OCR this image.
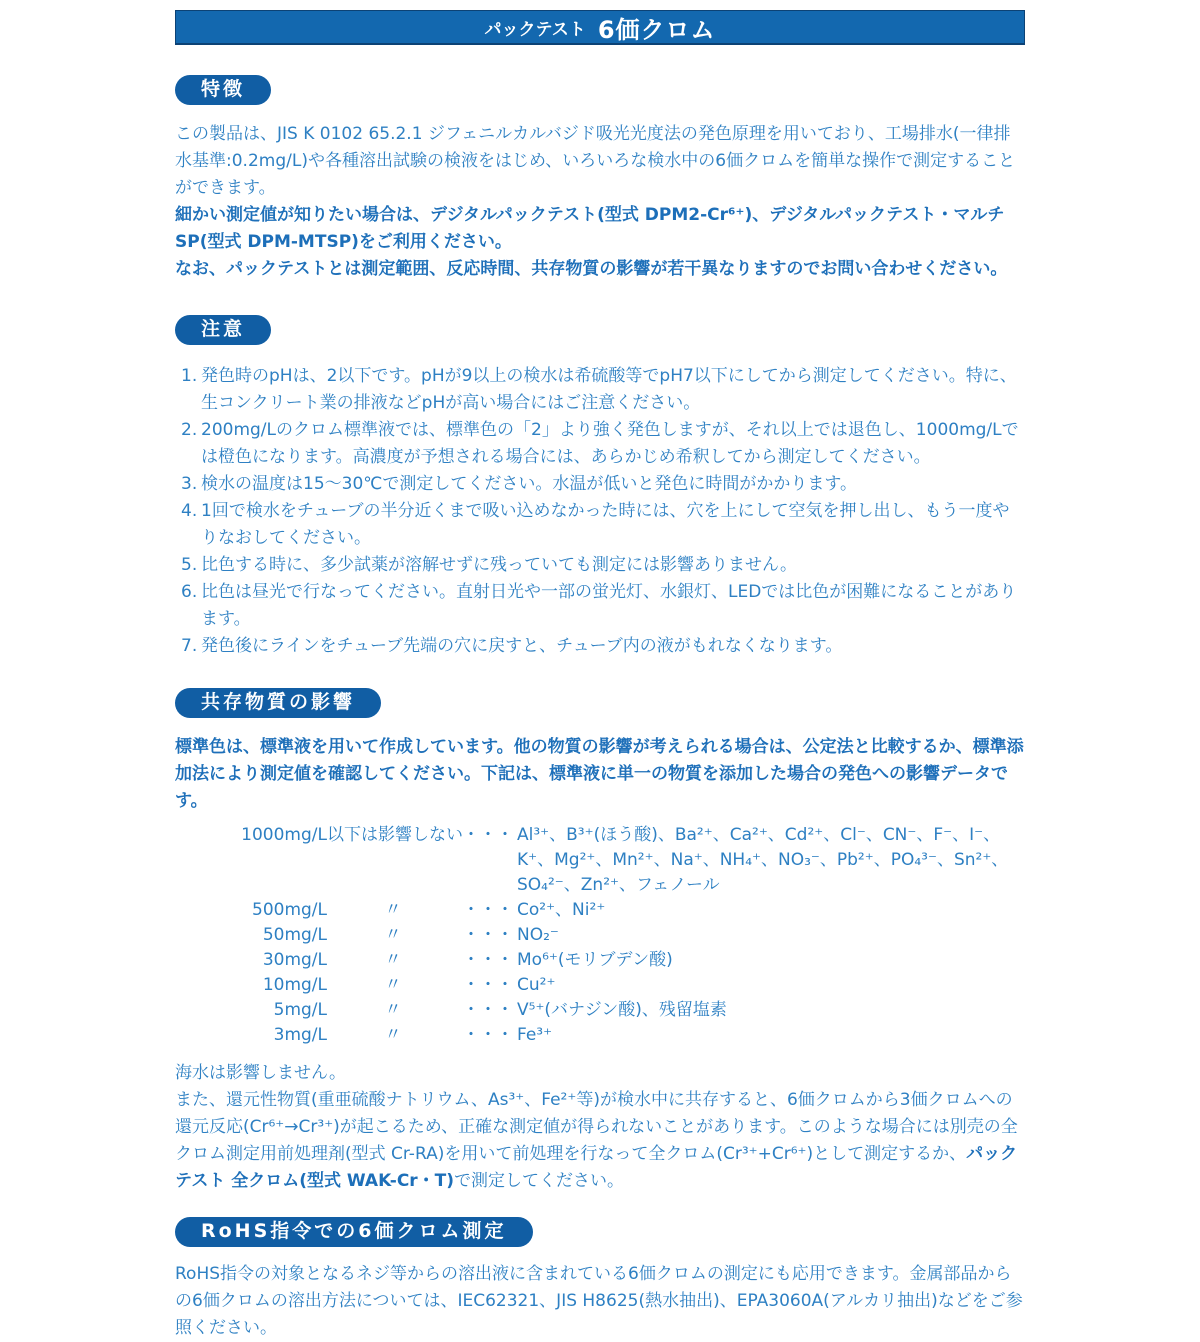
パックテスト 6価クロム
特徴

この製品は、JIS K 0102 65.2.1 ジフェニルカルバジド吸光光度法の発色原理を用いており、工場排水(一律排水基準:0.2mg/L)や各種溶出試験の検液をはじめ、いろいろな検水中の6価クロムを簡単な操作で測定することができます。

細かい測定値が知りたい場合は、デジタルパックテスト(型式 DPM2-Cr⁶⁺)、デジタルパックテスト・マルチSP(型式 DPM-MTSP)をご利用ください。

なお、パックテストとは測定範囲、反応時間、共存物質の影響が若干異なりますのでお問い合わせください。

注意
1. 発色時のpHは、2以下です。pHが9以上の検水は希硫酸等でpH7以下にしてから測定してください。特に、生コンクリート業の排液などpHが高い場合にはご注意ください。
2. 200mg/Lのクロム標準液では、標準色の「2」より強く発色しますが、それ以上では退色し、1000mg/Lでは橙色になります。高濃度が予想される場合には、あらかじめ希釈してから測定してください。
3. 検水の温度は15〜30℃で測定してください。水温が低いと発色に時間がかかります。
4. 1回で検水をチューブの半分近くまで吸い込めなかった時には、穴を上にして空気を押し出し、もう一度やりなおしてください。
5. 比色する時に、多少試薬が溶解せずに残っていても測定には影響ありません。
6. 比色は昼光で行なってください。直射日光や一部の蛍光灯、水銀灯、LEDでは比色が困難になることがあります。
7. 発色後にラインをチューブ先端の穴に戻すと、チューブ内の液がもれなくなります。
共存物質の影響

標準色は、標準液を用いて作成しています。他の物質の影響が考えられる場合は、公定法と比較するか、標準添加法により測定値を確認してください。下記は、標準液に単一の物質を添加した場合の発色への影響データです。

1000mg/L 以下は影響しない ・・・ Al³⁺、B³⁺(ほう酸)、Ba²⁺、Ca²⁺、Cd²⁺、Cl⁻、CN⁻、F⁻、I⁻、K⁺、Mg²⁺、Mn²⁺、Na⁺、NH₄⁺、NO₃⁻、Pb²⁺、PO₄³⁻、Sn²⁺、SO₄²⁻、Zn²⁺、フェノール
500mg/L	〃	・・・ Co²⁺、Ni²⁺
50mg/L	〃	・・・ NO₂⁻
30mg/L	〃	・・・ Mo⁶⁺(モリブデン酸)
10mg/L	〃	・・・ Cu²⁺
5mg/L	〃	・・・ V⁵⁺(バナジン酸)、残留塩素
3mg/L	〃	・・・ Fe³⁺

海水は影響しません。

また、還元性物質(重亜硫酸ナトリウム、As³⁺、Fe²⁺等)が検水中に共存すると、6価クロムから3価クロムへの還元反応(Cr⁶⁺→Cr³⁺)が起こるため、正確な測定値が得られないことがあります。このような場合には別売の全クロム測定用前処理剤(型式 Cr-RA)を用いて前処理を行なって全クロム(Cr³⁺+Cr⁶⁺)として測定するか、パックテスト 全クロム(型式 WAK-Cr・T)で測定してください。

RoHS指令での6価クロム測定

RoHS指令の対象となるネジ等からの溶出液に含まれている6価クロムの測定にも応用できます。金属部品からの6価クロムの溶出方法については、IEC62321、JIS H8625(熱水抽出)、EPA3060A(アルカリ抽出)などをご参照ください。
